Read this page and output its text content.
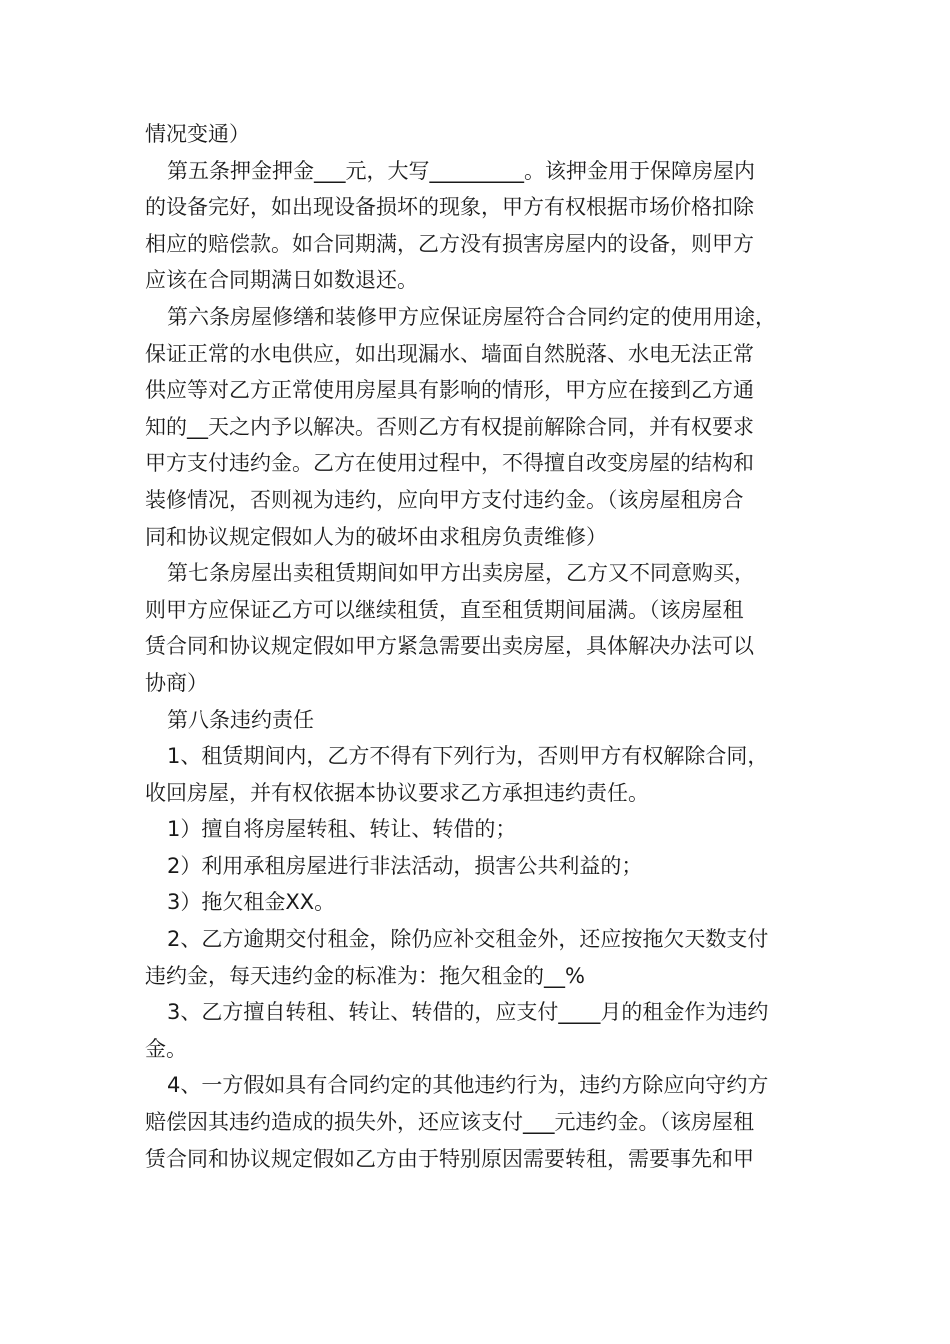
情况变通）
第五条押金押金___元，大写_________。该押金用于保障房屋内
的设备完好，如出现设备损坏的现象，甲方有权根据市场价格扣除
相应的赔偿款。如合同期满，乙方没有损害房屋内的设备，则甲方
应该在合同期满日如数退还。
第六条房屋修缮和装修甲方应保证房屋符合合同约定的使用用途，
保证正常的水电供应，如出现漏水、墙面自然脱落、水电无法正常
供应等对乙方正常使用房屋具有影响的情形，甲方应在接到乙方通
知的__天之内予以解决。否则乙方有权提前解除合同，并有权要求
甲方支付违约金。乙方在使用过程中，不得擅自改变房屋的结构和
装修情况，否则视为违约，应向甲方支付违约金。（该房屋租房合
同和协议规定假如人为的破坏由求租房负责维修）
第七条房屋出卖租赁期间如甲方出卖房屋，乙方又不同意购买，
则甲方应保证乙方可以继续租赁，直至租赁期间届满。（该房屋租
赁合同和协议规定假如甲方紧急需要出卖房屋，具体解决办法可以
协商）
第八条违约责任
1、租赁期间内，乙方不得有下列行为，否则甲方有权解除合同，
收回房屋，并有权依据本协议要求乙方承担违约责任。
1）擅自将房屋转租、转让、转借的；
2）利用承租房屋进行非法活动，损害公共利益的；
3）拖欠租金XX。
2、乙方逾期交付租金，除仍应补交租金外，还应按拖欠天数支付
违约金，每天违约金的标准为：拖欠租金的__%
3、乙方擅自转租、转让、转借的，应支付____月的租金作为违约
金。
4、一方假如具有合同约定的其他违约行为，违约方除应向守约方
赔偿因其违约造成的损失外，还应该支付___元违约金。（该房屋租
赁合同和协议规定假如乙方由于特别原因需要转租，需要事先和甲
